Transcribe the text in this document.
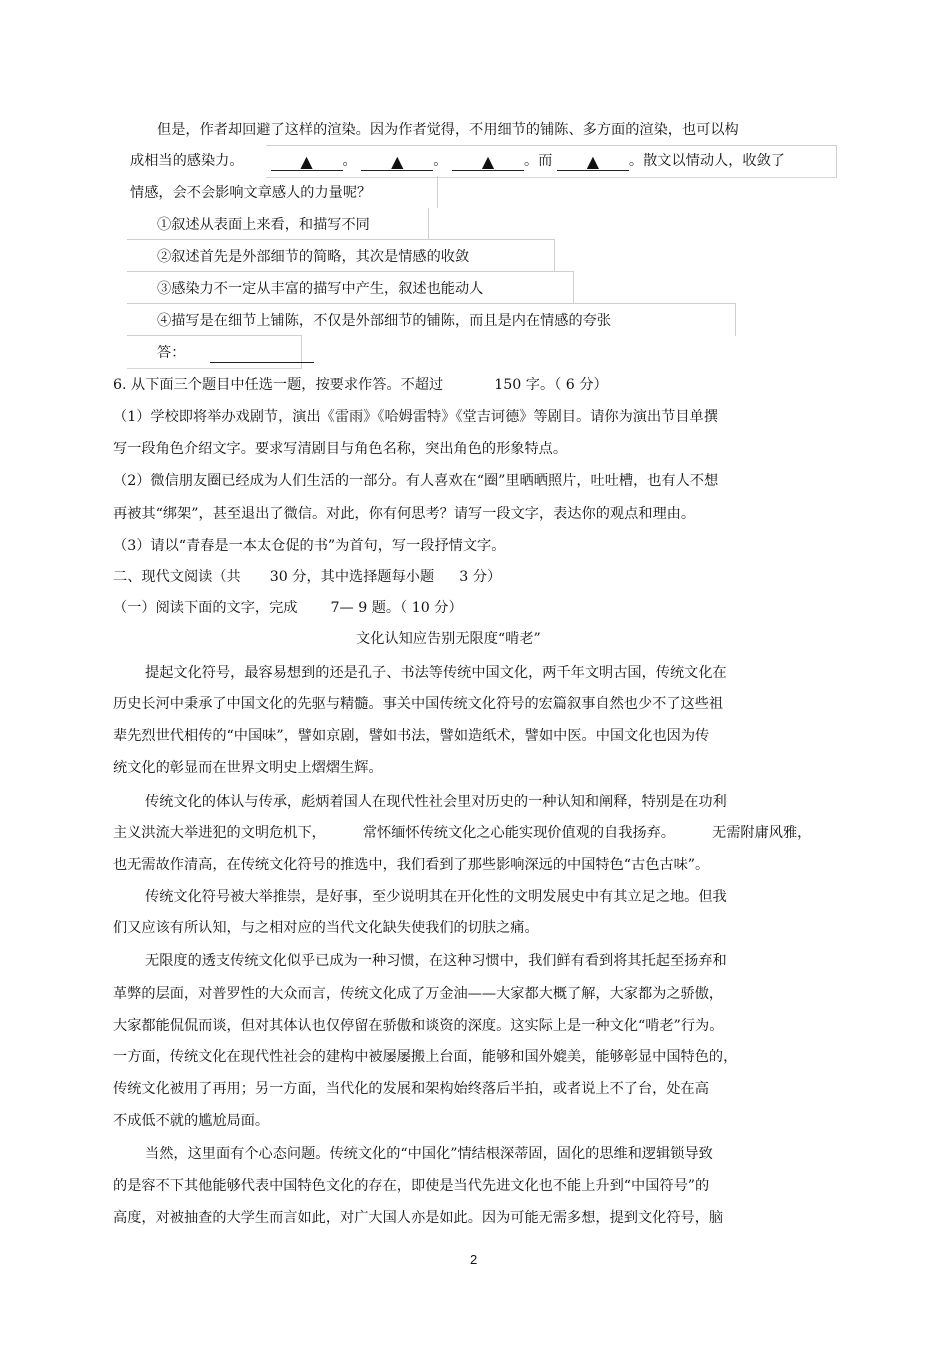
但是，作者却回避了这样的渲染。因为作者觉得，不用细节的铺陈、多方面的渲染，也可以构
成相当的感染力。	▲ 。 ▲ 。 ▲ 。而 ▲ 。散文以情动人，收敛了
情感，会不会影响文章感人的力量呢？
①叙述从表面上来看，和描写不同
②叙述首先是外部细节的简略，其次是情感的收敛
③感染力不一定从丰富的描写中产生，叙述也能动人
④描写是在细节上铺陈，不仅是外部细节的铺陈，而且是内在情感的夸张
答：
6. 从下面三个题目中任选一题，按要求作答。不超过	150 字。（ 6 分）
（1）学校即将举办戏剧节，演出《雷雨》《哈姆雷特》《堂吉诃德》等剧目。请你为演出节目单撰
写一段角色介绍文字。要求写清剧目与角色名称，突出角色的形象特点。
（2）微信朋友圈已经成为人们生活的一部分。有人喜欢在“圈”里晒晒照片，吐吐槽，也有人不想
再被其“绑架”，甚至退出了微信。对此，你有何思考？请写一段文字，表达你的观点和理由。
（3）请以“青春是一本太仓促的书”为首句，写一段抒情文字。
二、现代文阅读（共 30 分，其中选择题每小题 3 分）
（一）阅读下面的文字，完成 7— 9 题。（ 10 分）
文化认知应告别无限度“啃老”
提起文化符号，最容易想到的还是孔子、书法等传统中国文化，两千年文明古国，传统文化在
历史长河中秉承了中国文化的先驱与精髓。事关中国传统文化符号的宏篇叙事自然也少不了这些祖
辈先烈世代相传的“中国味”，譬如京剧，譬如书法，譬如造纸术，譬如中医。中国文化也因为传
统文化的彰显而在世界文明史上熠熠生辉。
传统文化的体认与传承，彪炳着国人在现代性社会里对历史的一种认知和阐释，特别是在功利
主义洪流大举进犯的文明危机下，	常怀缅怀传统文化之心能实现价值观的自我扬弃。	无需附庸风雅，
也无需故作清高，在传统文化符号的推选中，我们看到了那些影响深远的中国特色“古色古味”。
传统文化符号被大举推崇，是好事，至少说明其在开化性的文明发展史中有其立足之地。但我
们又应该有所认知，与之相对应的当代文化缺失使我们的切肤之痛。
无限度的透支传统文化似乎已成为一种习惯，在这种习惯中，我们鲜有看到将其托起至扬弃和
革弊的层面，对普罗性的大众而言，传统文化成了万金油——大家都大概了解，大家都为之骄傲，
大家都能侃侃而谈，但对其体认也仅停留在骄傲和谈资的深度。这实际上是一种文化“啃老”行为。
一方面，传统文化在现代性社会的建构中被屡屡搬上台面，能够和国外媲美，能够彰显中国特色的，
传统文化被用了再用；另一方面，当代化的发展和架构始终落后半拍，或者说上不了台，处在高
不成低不就的尴尬局面。
当然，这里面有个心态问题。传统文化的“中国化”情结根深蒂固，固化的思维和逻辑锁导致
的是容不下其他能够代表中国特色文化的存在，即使是当代先进文化也不能上升到“中国符号”的
高度，对被抽查的大学生而言如此，对广大国人亦是如此。因为可能无需多想，提到文化符号，脑
2
